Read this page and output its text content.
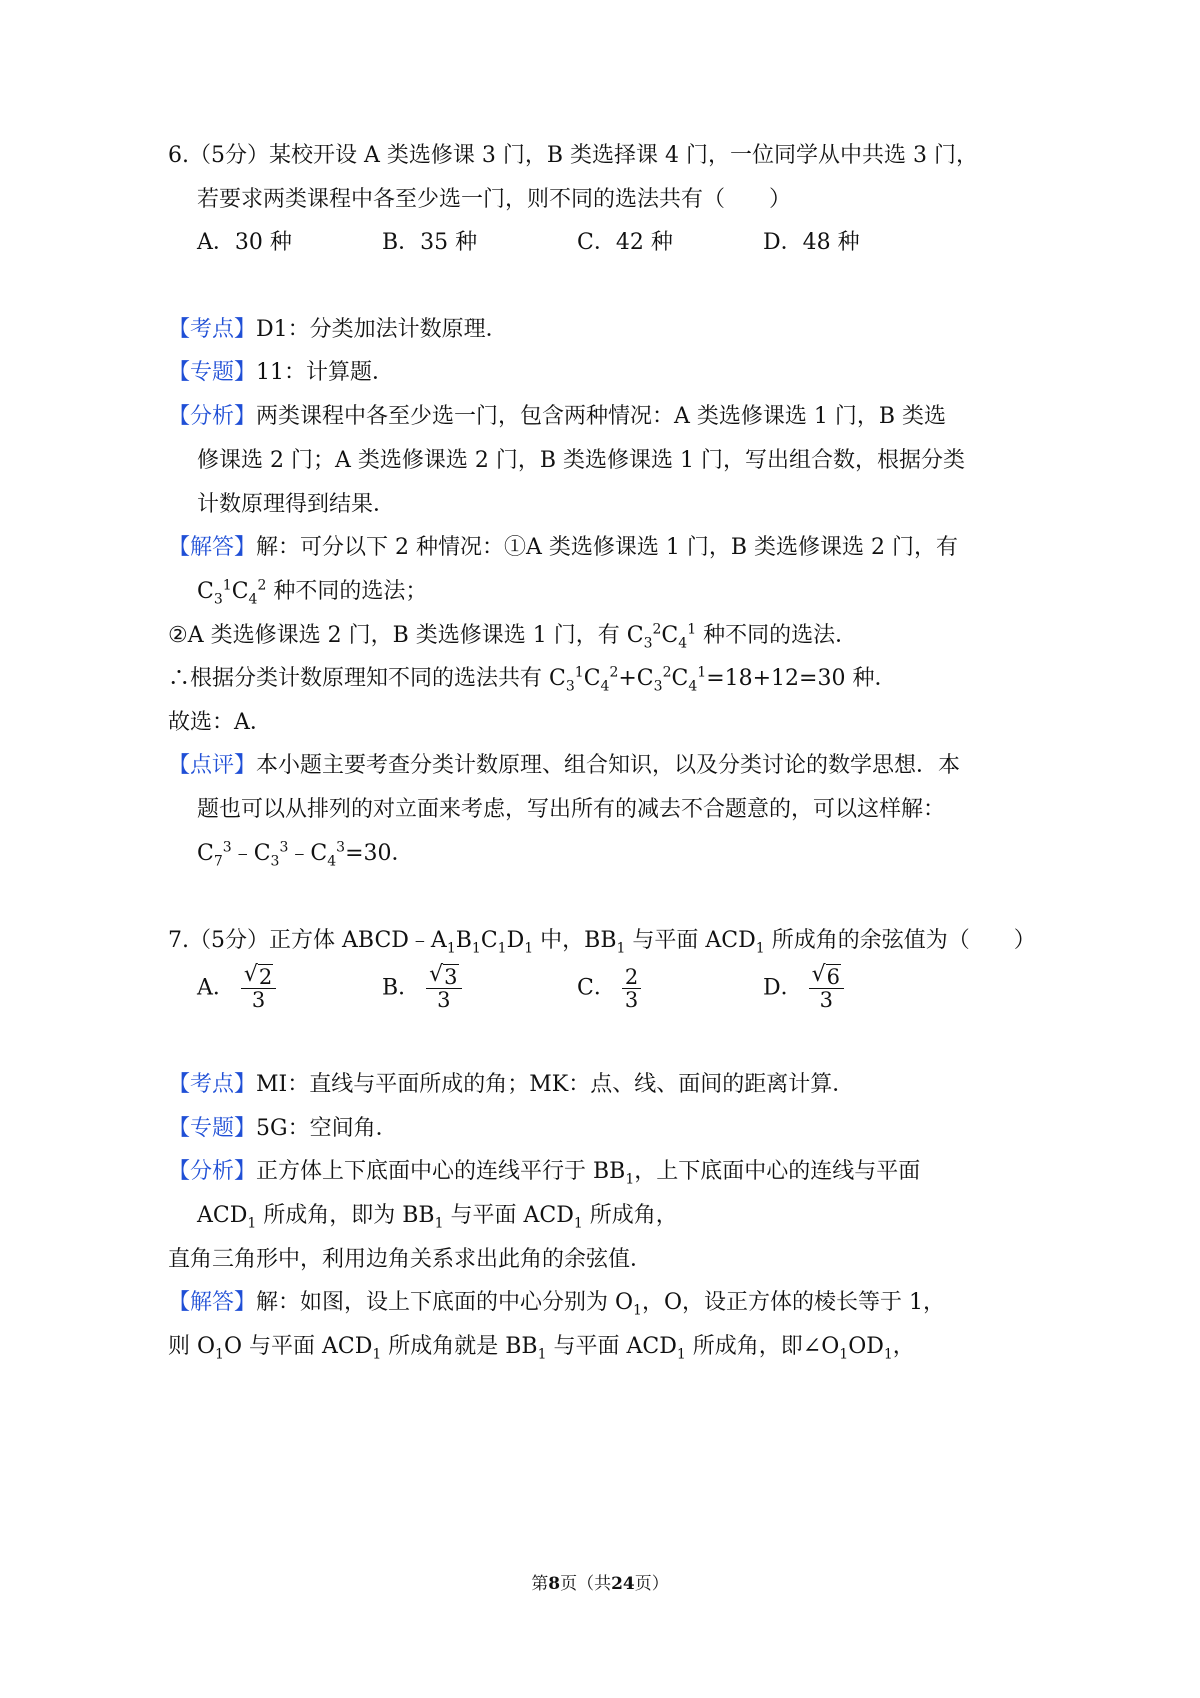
6.（5分）某校开设 A 类选修课 3 门，B 类选择课 4 门，一位同学从中共选 3 门，
若要求两类课程中各至少选一门，则不同的选法共有（　　）
A．30 种	B．35 种	C．42 种	D．48 种
【考点】D1：分类加法计数原理．
【专题】11：计算题．
【分析】两类课程中各至少选一门，包含两种情况：A 类选修课选 1 门，B 类选
修课选 2 门；A 类选修课选 2 门，B 类选修课选 1 门，写出组合数，根据分类
计数原理得到结果．
【解答】解：可分以下 2 种情况：①A 类选修课选 1 门，B 类选修课选 2 门，有
$C_3^1C_4^2$ 种不同的选法；
②A 类选修课选 2 门，B 类选修课选 1 门，有 $C_3^2C_4^1$ 种不同的选法．
∴根据分类计数原理知不同的选法共有 $C_3^1C_4^2+C_3^2C_4^1=18+12=30$ 种．
故选：A．
【点评】本小题主要考查分类计数原理、组合知识，以及分类讨论的数学思想．本
题也可以从排列的对立面来考虑，写出所有的减去不合题意的，可以这样解：
$C_7^3﹣C_3^3﹣C_4^3=30$．
7.（5分）正方体 $ABCD﹣A_1B_1C_1D_1$ 中，$BB_1$ 与平面 $ACD_1$ 所成角的余弦值为（　　）
A． $\frac{√ 2}{3}$	B． $\frac{√ 3}{3}$	C． $\frac{2}{3}$	D． $\frac{√ 6}{3}$
【考点】MI：直线与平面所成的角；MK：点、线、面间的距离计算．
【专题】5G：空间角．
【分析】正方体上下底面中心的连线平行于 $BB_1$，上下底面中心的连线与平面
$ACD_1$ 所成角，即为 $BB_1$ 与平面 $ACD_1$ 所成角，
直角三角形中，利用边角关系求出此角的余弦值．
【解答】解：如图，设上下底面的中心分别为 $O_1$，O，设正方体的棱长等于 1，
则 $O_1O$ 与平面 $ACD_1$ 所成角就是 $BB_1$ 与平面 $ACD_1$ 所成角，即$\angle O_1OD_1$，
第8页（共24页）
